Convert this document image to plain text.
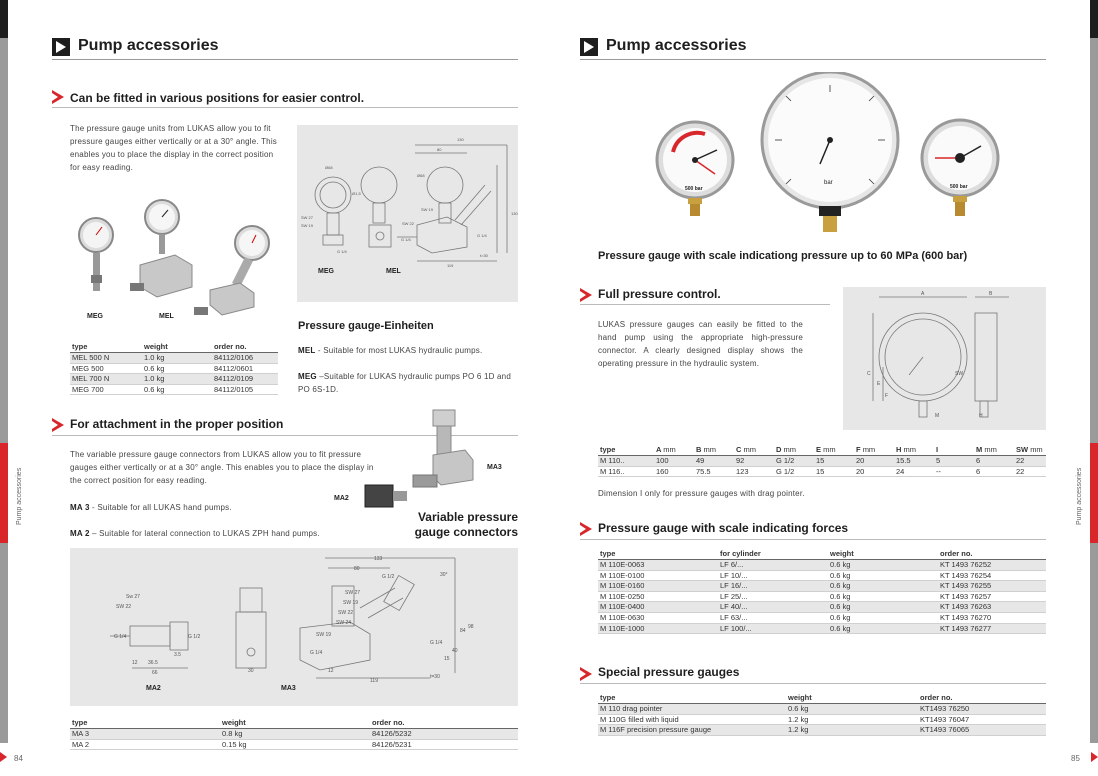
Pump accessories	Pump accessories
84	85
Pump accessories
Can be fitted in various positions for easier control.
The pressure gauge units from LUKAS allow you to fit pressure gauges either vertically or at a 30° angle. This enables you to place the display in the correct position for easy reading.
MEG	MEL
Ø68
Ø1,5
SW 27
SW 19
130
80
Ø68
130
SW 19
SW 22
G 1/4
G 1/4
119
t=30
G 1/4
MEG	MEL
type	weight	order no.
MEL 500 N	1.0 kg	84112/0106
MEG 500	0.6 kg	84112/0601
MEL 700 N	1.0 kg	84112/0109
MEG 700	0.6 kg	84112/0105
Pressure gauge-Einheiten
MEL - Suitable for most LUKAS hydraulic pumps.
MEG –Suitable for LUKAS hydraulic pumps PO 6 1D and PO 6S-1D.
For attachment in the proper position
The variable pressure gauge connectors from LUKAS allow you to fit pressure gauges either vertically or at a 30° angle. This enables you to place the display in the correct position for easy reading.
MA 3 - Suitable for all LUKAS hand pumps.
MA 2 – Suitable for lateral connection to LUKAS ZPH hand pumps.
MA3
MA2
Variable pressure
gauge connectors
Sw 27
SW 22
G 1/4	G 1/2
12 36.5
3.5
66	30
133
80
G 1/2	30°
SW 27
SW 19
SW 22
SW 24
SW 19
G 1/4
G 1/4
84
98
40
15
12
119
t=30
MA2	MA3
type	weight	order no.
MA 3	0.8 kg	84126/5232
MA 2	0.15 kg	84126/5231
Pump accessories
500 bar
bar
500 bar
Pressure gauge with scale indicationg pressure up to 60 MPa (600 bar)
Full pressure control.
LUKAS pressure gauges can easily be fitted to the hand pump using the appropriate high-pressure connector. A clearly designed display shows the operating pressure in the hydraulic system.
A	B
C
E
F
SW
M	H
type	A mm	B mm	C mm	D mm	E mm	F mm	H mm	I	M mm	SW mm
M 110..	100	49	92	G 1/2	15	20	15.5	5	6	22
M 116..	160	75.5	123	G 1/2	15	20	24	--	6	22
Dimension I only for pressure gauges with drag pointer.
Pressure gauge with scale indicating forces
type	for cylinder	weight	order no.
M 110E-0063	LF 6/...	0.6 kg	KT 1493 76252
M 110E-0100	LF 10/...	0.6 kg	KT 1493 76254
M 110E-0160	LF 16/...	0.6 kg	KT 1493 76255
M 110E-0250	LF 25/...	0.6 kg	KT 1493 76257
M 110E-0400	LF 40/...	0.6 kg	KT 1493 76263
M 110E-0630	LF 63/...	0.6 kg	KT 1493 76270
M 110E-1000	LF 100/...	0.6 kg	KT 1493 76277
Special pressure gauges
type	weight	order no.
M 110 drag pointer	0.6 kg	KT1493 76250
M 110G filled with liquid	1.2 kg	KT1493 76047
M 116F precision pressure gauge	1.2 kg	KT1493 76065
